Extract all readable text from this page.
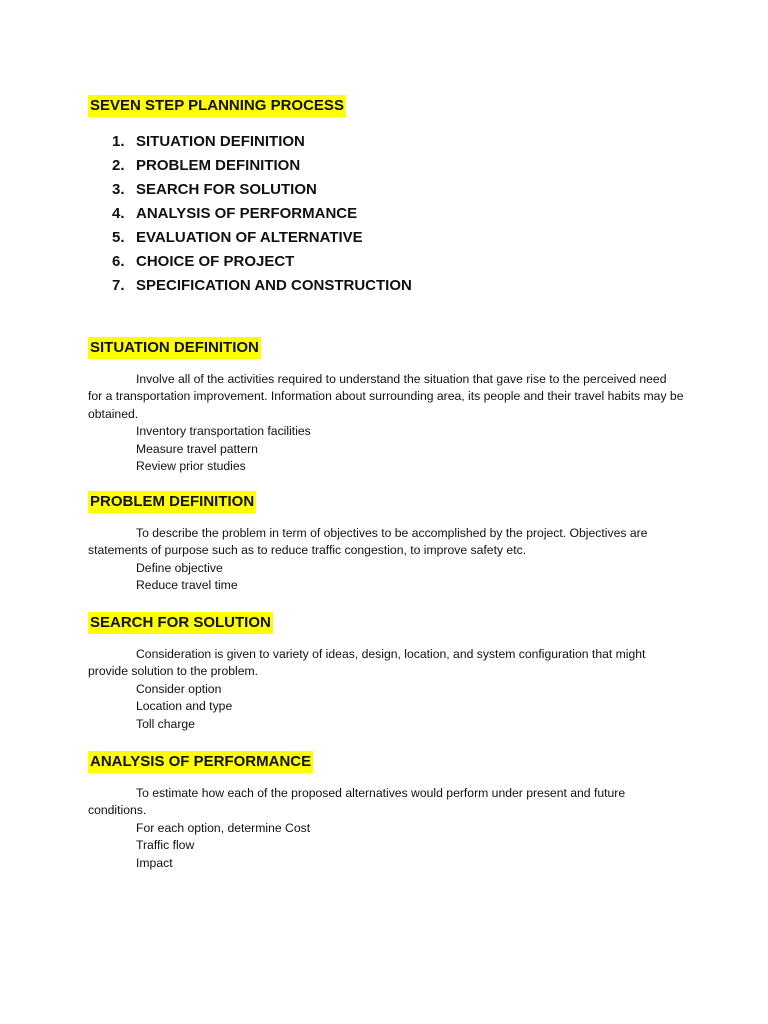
SEVEN STEP PLANNING PROCESS
1. SITUATION DEFINITION
2. PROBLEM DEFINITION
3. SEARCH FOR SOLUTION
4. ANALYSIS OF PERFORMANCE
5. EVALUATION OF ALTERNATIVE
6. CHOICE OF PROJECT
7. SPECIFICATION AND CONSTRUCTION
SITUATION DEFINITION

Involve all of the activities required to understand the situation that gave rise to the perceived need for a transportation improvement. Information about surrounding area, its people and their travel habits may be obtained.

Inventory transportation facilities
Measure travel pattern
Review prior studies
PROBLEM DEFINITION

To describe the problem in term of objectives to be accomplished by the project. Objectives are statements of purpose such as to reduce traffic congestion, to improve safety etc.

Define objective
Reduce travel time
SEARCH FOR SOLUTION

Consideration is given to variety of ideas, design, location, and system configuration that might provide solution to the problem.

Consider option
Location and type
Toll charge
ANALYSIS OF PERFORMANCE

To estimate how each of the proposed alternatives would perform under present and future conditions.

For each option, determine Cost
Traffic flow
Impact
